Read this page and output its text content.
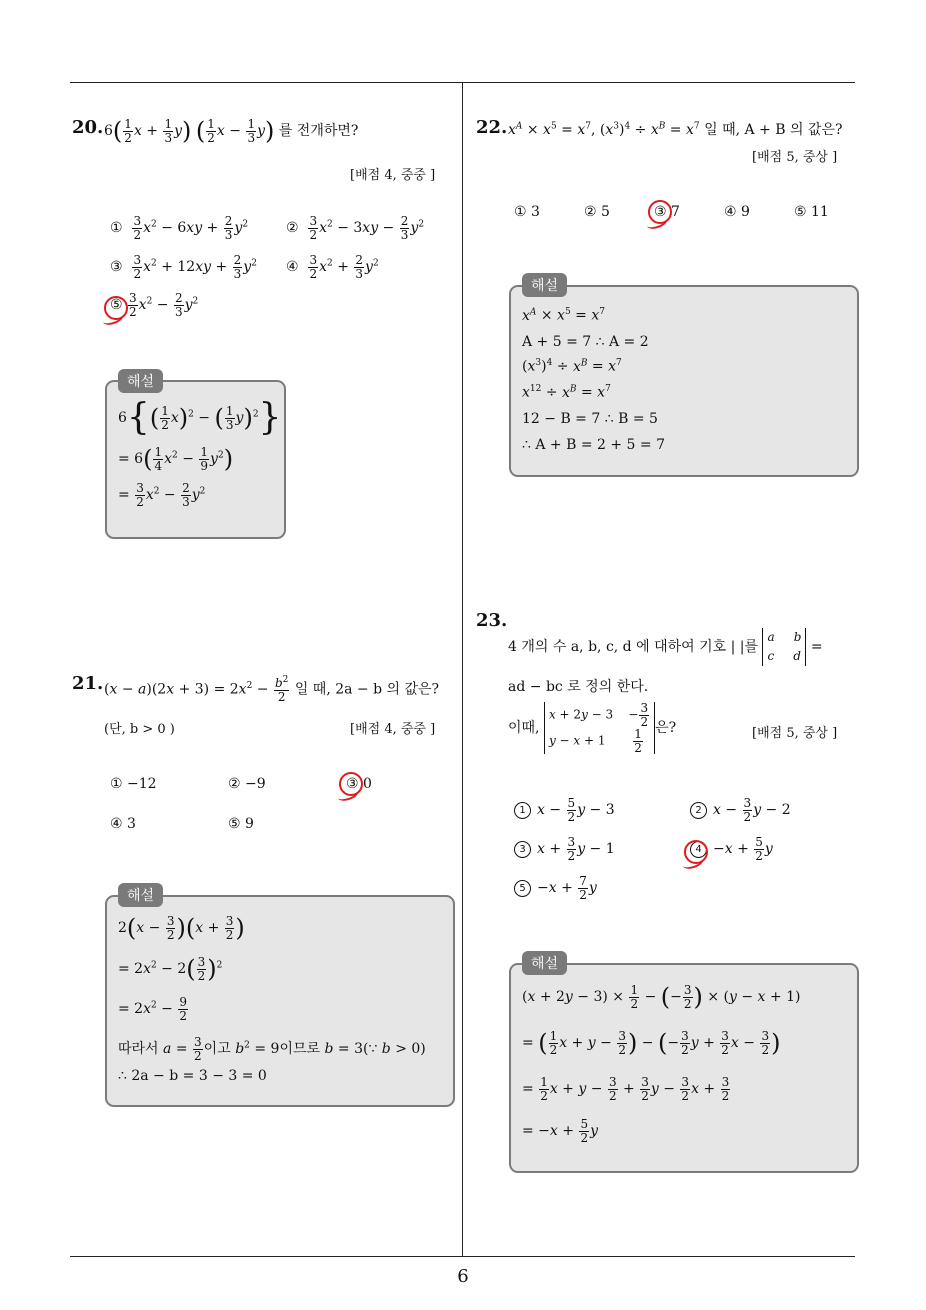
6
20. $6( \frac{1}{2}$ $x + \frac{1}{3} y$) ( $\frac{1}{2}$ $x - \frac{1}{3} y$) 를 전개하면?
[배점 4, 중중 ]
① $\frac{3}{2} x^2 - 6xy + \frac{2}{3} y^2$	② $\frac{3}{2} x^2 - 3xy - \frac{2}{3} y^2$
③ $\frac{3}{2} x^2 + 12xy + \frac{2}{3} y^2$ ④ $\frac{3}{2} x^2 + \frac{2}{3} y^2$
⑤ $\frac{3}{2} x^2 - \frac{2}{3} y^2$
해설
$6\{( \frac{1}{2} x)^2$ − ( $\frac{1}{3} y)^2$}
= $6( \frac{1}{4} x^2 - \frac{1}{9} y^2)$
= $\frac{3}{2} x^2 - \frac{2}{3} y^2$
21. $(x - a)(2x + 3) = 2x^2 - \frac{b^2}{2}$ 일 때, 2a − b 의 값은?
(단, b > 0 )	[배점 4, 중중 ]
① −12	② −9	③ 0
④ 3	⑤ 9
해설
$2(x - \frac{3}{2} )(x + \frac{3}{2}$ )
= $2x^2 - 2( \frac{3}{2} )^2$
= $2x^2 - \frac{9}{2}$
따라서 $a = \frac{3}{2}$ 이고 $b^2 = 9$이므로 b = 3(∵ b > 0)
∴ 2a − b = 3 − 3 = 0
22. $x^A \times x^5 = x^7$, $(x^3)^4 \div x^B = x^7$ 일 때, A + B 의 값은?
[배점 5, 중상 ]
① 3	② 5	③ 7	④ 9	⑤ 11
해설
$x^A \times x^5 = x^7$
A + 5 = 7 ∴ A = 2
$(x^3)^4 \div x^B = x^7$
$x^{12} \div x^B = x^7$
12 − B = 7 ∴ B = 5
∴ A + B = 2 + 5 = 7
23.
4 개의 수 a, b, c, d 에 대하여 기호 | |를
a b
c d
=
ad − bc 로 정의 한다.
이때,
x + 2y − 3    − $\frac{3}{2}$
$y - x + 1 \frac{1}{2}$ 은?	[배점 5, 중상 ]
1 $x - \frac{5}{2}$ y − 3	2 $x - \frac{3}{2}$ y − 2
3 $x + \frac{3}{2}$ y − 1	$4 -x + \frac{5}{2}$ y
$5 -x + \frac{7}{2}$ y
해설
$(x + 2y - 3) \times \frac{1}{2}$ − (− $\frac{3}{2}$ ) × (y − x + 1)
= ( $\frac{1}{2}$ $x + y - \frac{3}{2}$ ) − (− $\frac{3}{2}$ $y + \frac{3}{2}$ $x - \frac{3}{2}$ )
= $\frac{1}{2}$ $x + y - \frac{3}{2} + \frac{3}{2}$ $y - \frac{3}{2}$ $x + \frac{3}{2}$
= $-x + \frac{5}{2}$ y
